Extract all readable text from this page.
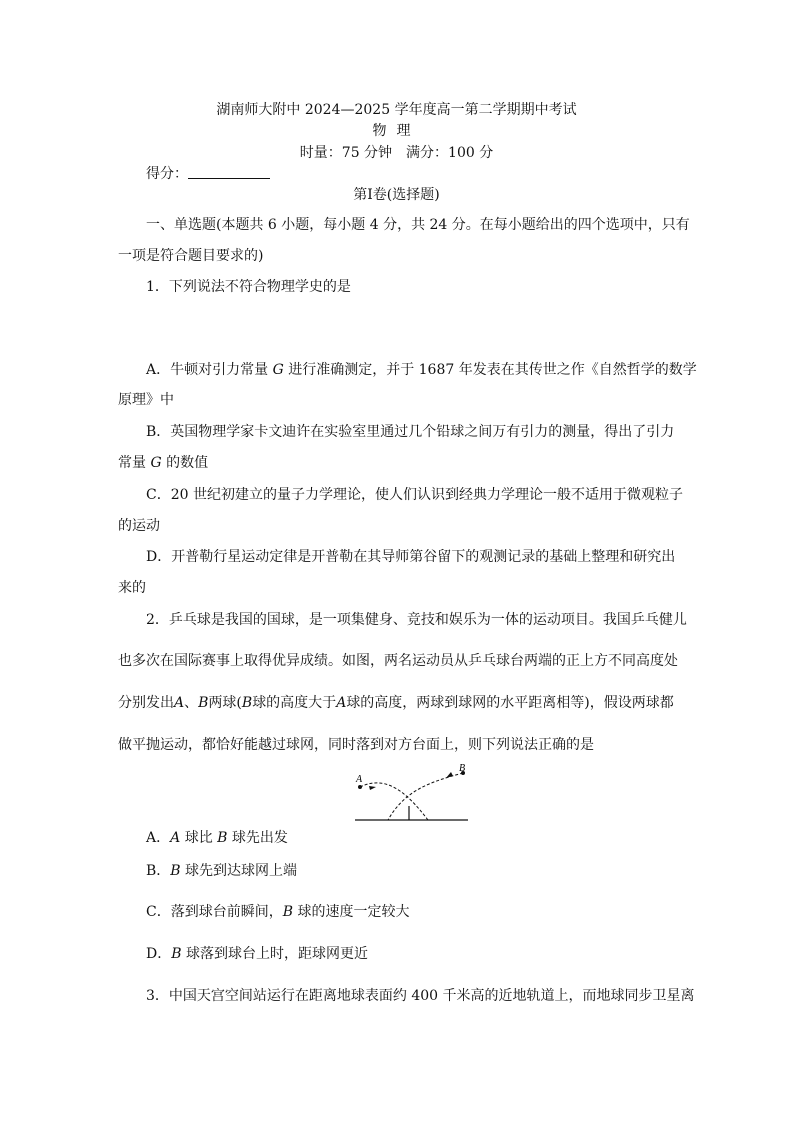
湖南师大附中 2024—2025 学年度高一第二学期期中考试
物理
时量：75 分钟　满分：100 分
得分：
第Ⅰ卷(选择题)
一、单选题(本题共 6 小题，每小题 4 分，共 24 分。在每小题给出的四个选项中，只有
一项是符合题目要求的)
1．下列说法不符合物理学史的是
A．牛顿对引力常量 G 进行准确测定，并于 1687 年发表在其传世之作《自然哲学的数学
原理》中
B．英国物理学家卡文迪许在实验室里通过几个铅球之间万有引力的测量，得出了引力
常量 G 的数值
C．20 世纪初建立的量子力学理论，使人们认识到经典力学理论一般不适用于微观粒子
的运动
D．开普勒行星运动定律是开普勒在其导师第谷留下的观测记录的基础上整理和研究出
来的
2．乒乓球是我国的国球，是一项集健身、竞技和娱乐为一体的运动项目。我国乒乓健儿
也多次在国际赛事上取得优异成绩。如图，两名运动员从乒乓球台两端的正上方不同高度处
分别发出A、B两球(B球的高度大于A球的高度，两球到球网的水平距离相等)，假设两球都
做平抛运动，都恰好能越过球网，同时落到对方台面上，则下列说法正确的是
A
B
A．A 球比 B 球先出发
B．B 球先到达球网上端
C．落到球台前瞬间，B 球的速度一定较大
D．B 球落到球台上时，距球网更近
3．中国天宫空间站运行在距离地球表面约 400 千米高的近地轨道上，而地球同步卫星离
